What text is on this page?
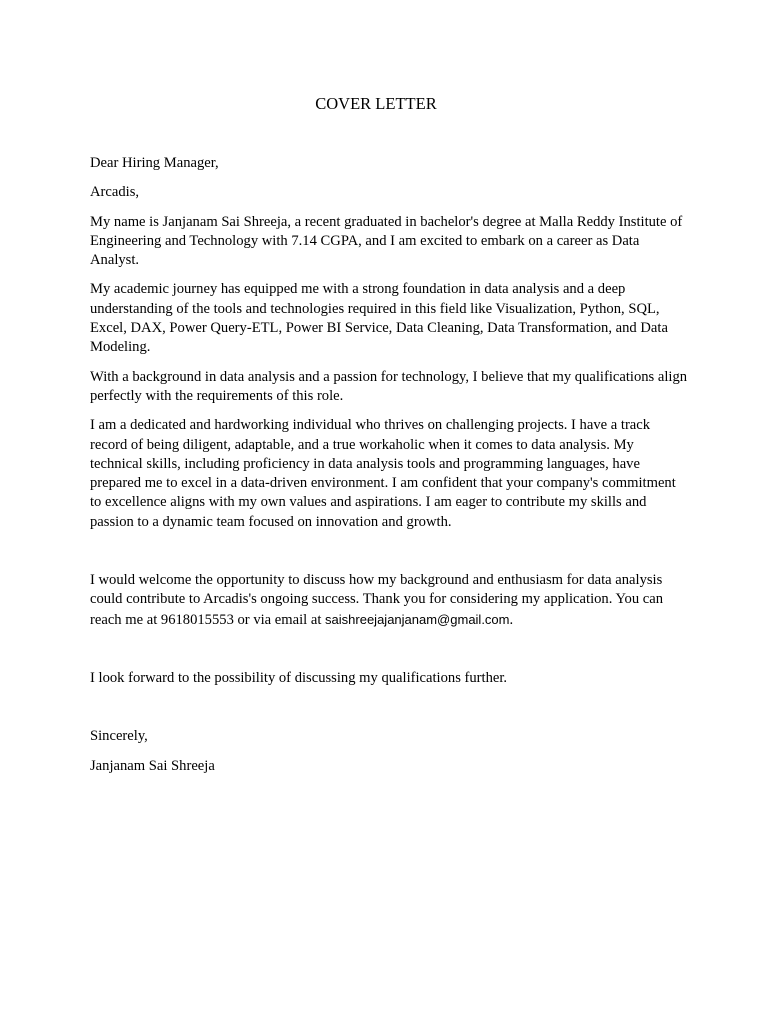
COVER LETTER

Dear Hiring Manager,

Arcadis,

My name is Janjanam Sai Shreeja, a recent graduated in bachelor's degree at Malla Reddy Institute of Engineering and Technology with 7.14 CGPA, and I am excited to embark on a career as Data Analyst.

My academic journey has equipped me with a strong foundation in data analysis and a deep understanding of the tools and technologies required in this field like Visualization, Python, SQL, Excel, DAX, Power Query-ETL, Power BI Service, Data Cleaning, Data Transformation, and Data Modeling.

With a background in data analysis and a passion for technology, I believe that my qualifications align perfectly with the requirements of this role.

I am a dedicated and hardworking individual who thrives on challenging projects. I have a track record of being diligent, adaptable, and a true workaholic when it comes to data analysis. My technical skills, including proficiency in data analysis tools and programming languages, have prepared me to excel in a data-driven environment. I am confident that your company's commitment to excellence aligns with my own values and aspirations. I am eager to contribute my skills and passion to a dynamic team focused on innovation and growth.

I would welcome the opportunity to discuss how my background and enthusiasm for data analysis could contribute to Arcadis's ongoing success. Thank you for considering my application. You can reach me at 9618015553 or via email at saishreejajanjanam@gmail.com.

I look forward to the possibility of discussing my qualifications further.

Sincerely,

Janjanam Sai Shreeja
